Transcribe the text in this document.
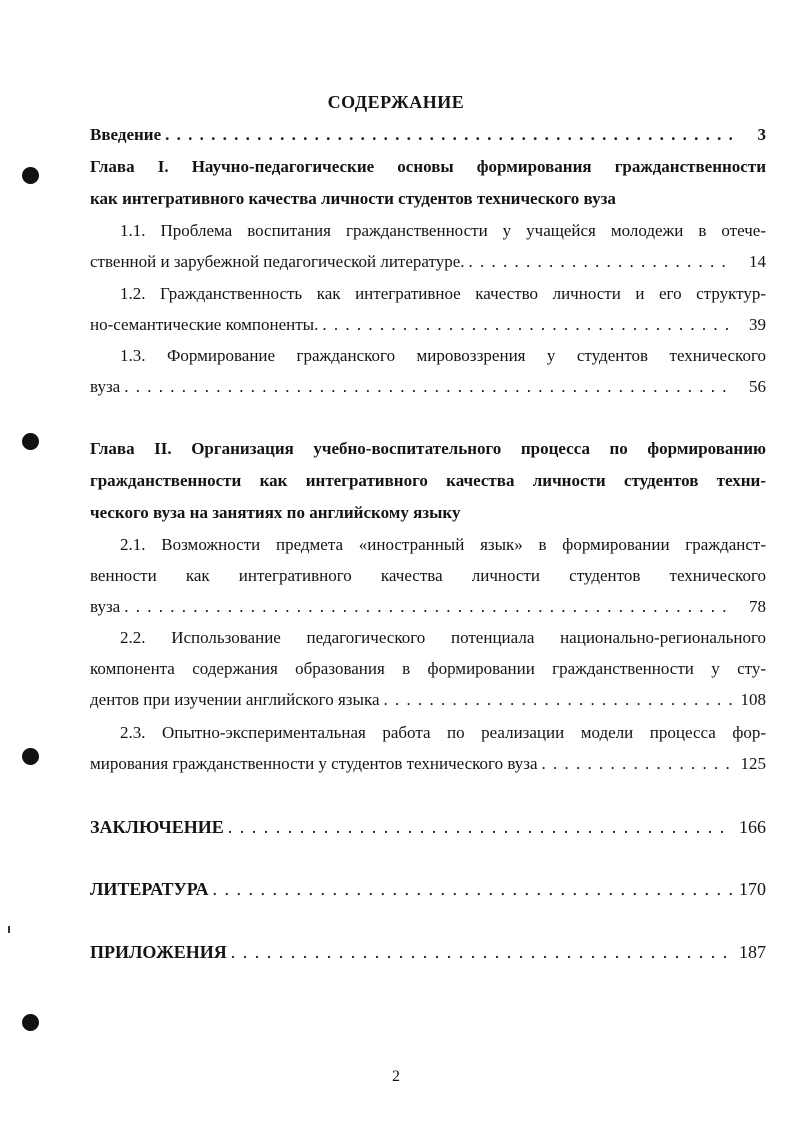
СОДЕРЖАНИЕ
Введение . . .	3
Глава I. Научно-педагогические основы формирования гражданственности
как интегративного качества личности студентов технического вуза
1.1. Проблема воспитания гражданственности у учащейся молодежи в отече-
ственной и зарубежной педагогической литературе. . . .	14
1.2. Гражданственность как интегративное качество личности и его структур-
но-семантические компоненты. . . .	39
1.3. Формирование гражданского мировоззрения у студентов технического
вуза . . .	56
Глава II. Организация учебно-воспитательного процесса по формированию
гражданственности как интегративного качества личности студентов техни-
ческого вуза на занятиях по английскому языку
2.1. Возможности предмета «иностранный язык» в формировании гражданст-
венности как интегративного качества личности студентов технического
вуза . . .	78
2.2. Использование педагогического потенциала национально-регионального
компонента содержания образования в формировании гражданственности у сту-
дентов при изучении английского языка . . .	108
2.3. Опытно-экспериментальная работа по реализации модели процесса фор-
мирования гражданственности у студентов технического вуза . . .	125
ЗАКЛЮЧЕНИЕ . . .	166
ЛИТЕРАТУРА . . .	170
ПРИЛОЖЕНИЯ . . .	187
2
